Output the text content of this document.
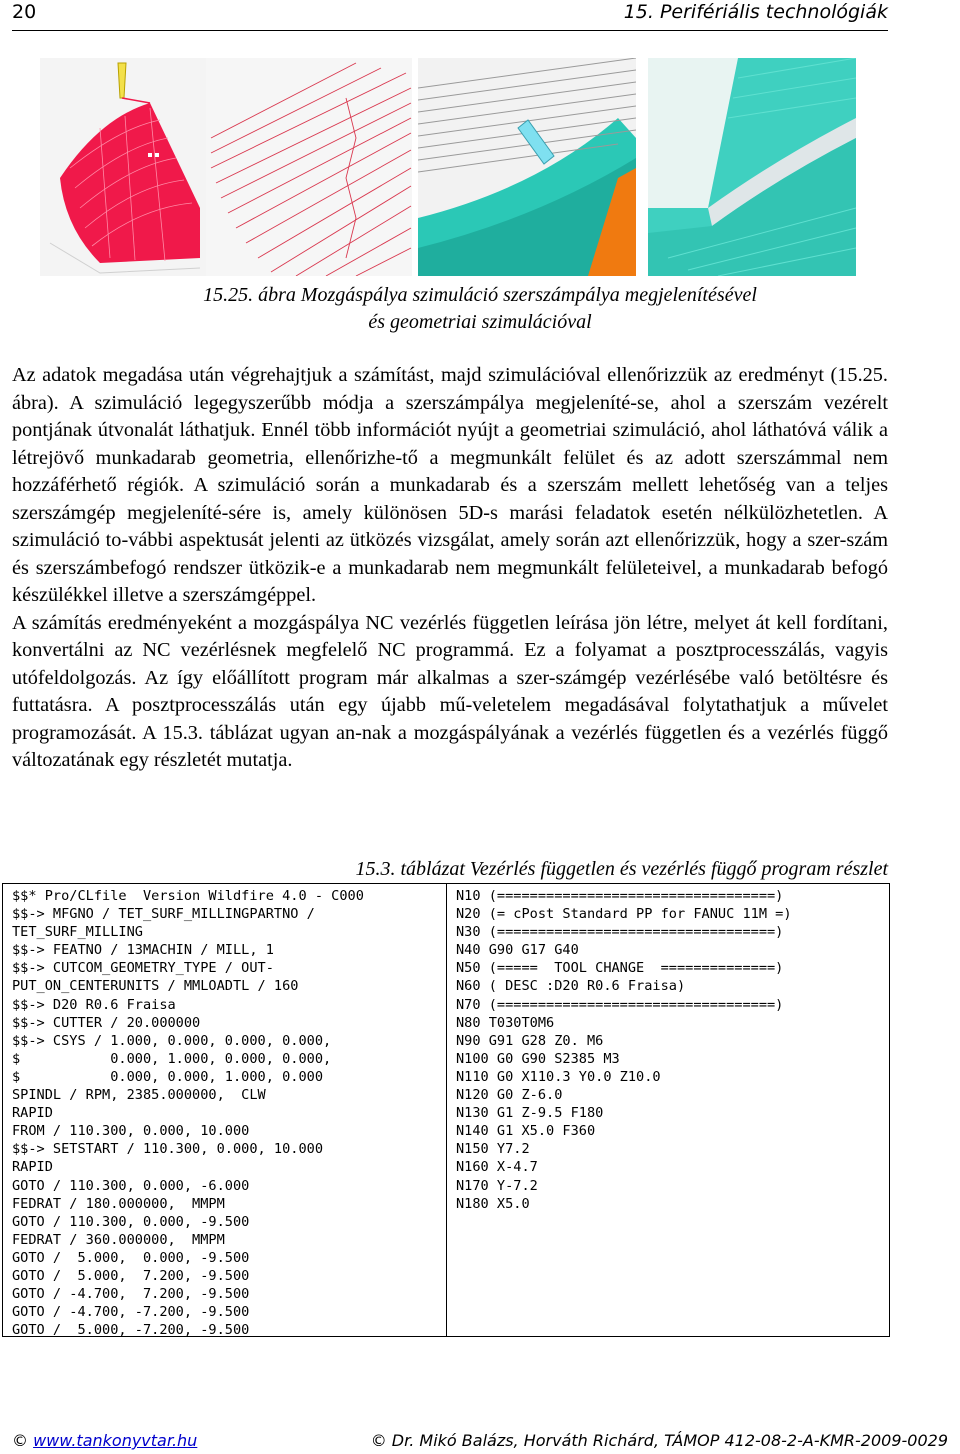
20	15. Perifériális technológiák
15.25. ábra Mozgáspálya szimuláció szerszámpálya megjelenítésével
és geometriai szimulációval

Az adatok megadása után végrehajtjuk a számítást, majd szimulációval ellenőrizzük az eredményt (15.25. ábra). A szimuláció legegyszerűbb módja a szerszámpálya megjeleníté-se, ahol a szerszám vezérelt pontjának útvonalát láthatjuk. Ennél több információt nyújt a geometriai szimuláció, ahol láthatóvá válik a létrejövő munkadarab geometria, ellenőrizhe-tő a megmunkált felület és az adott szerszámmal nem hozzáférhető régiók. A szimuláció során a munkadarab és a szerszám mellett lehetőség van a teljes szerszámgép megjeleníté-sére is, amely különösen 5D-s marási feladatok esetén nélkülözhetetlen. A szimuláció to-vábbi aspektusát jelenti az ütközés vizsgálat, amely során azt ellenőrizzük, hogy a szer-szám és szerszámbefogó rendszer ütközik-e a munkadarab nem megmunkált felületeivel, a munkadarab befogó készülékkel illetve a szerszámgéppel.

A számítás eredményeként a mozgáspálya NC vezérlés független leírása jön létre, melyet át kell fordítani, konvertálni az NC vezérlésnek megfelelő NC programmá. Ez a folyamat a posztprocesszálás, vagyis utófeldolgozás. Az így előállított program már alkalmas a szer-számgép vezérlésébe való betöltésre és futtatásra. A posztprocesszálás után egy újabb mű-veletelem megadásával folytathatjuk a művelet programozását. A 15.3. táblázat ugyan an-nak a mozgáspályának a vezérlés független és a vezérlés függő változatának egy részletét mutatja.

15.3. táblázat Vezérlés független és vezérlés függő program részlet
$$* Pro/CLfile  Version Wildfire 4.0 - C000
$$-> MFGNO / TET_SURF_MILLINGPARTNO /
TET_SURF_MILLING
$$-> FEATNO / 13MACHIN / MILL, 1
$$-> CUTCOM_GEOMETRY_TYPE / OUT-
PUT_ON_CENTERUNITS / MMLOADTL / 160
$$-> D20 R0.6 Fraisa
$$-> CUTTER / 20.000000
$$-> CSYS / 1.000, 0.000, 0.000, 0.000,
$           0.000, 1.000, 0.000, 0.000,
$           0.000, 0.000, 1.000, 0.000
SPINDL / RPM, 2385.000000,  CLW
RAPID
FROM / 110.300, 0.000, 10.000
$$-> SETSTART / 110.300, 0.000, 10.000
RAPID
GOTO / 110.300, 0.000, -6.000
FEDRAT / 180.000000,  MMPM
GOTO / 110.300, 0.000, -9.500
FEDRAT / 360.000000,  MMPM
GOTO /  5.000,  0.000, -9.500
GOTO /  5.000,  7.200, -9.500
GOTO / -4.700,  7.200, -9.500
GOTO / -4.700, -7.200, -9.500
GOTO /  5.000, -7.200, -9.500
N10 (==================================)
N20 (= cPost Standard PP for FANUC 11M =)
N30 (==================================)
N40 G90 G17 G40
N50 (=====  TOOL CHANGE  ==============)
N60 ( DESC :D20 R0.6 Fraisa)
N70 (==================================)
N80 T030T0M6
N90 G91 G28 Z0. M6
N100 G0 G90 S2385 M3
N110 G0 X110.3 Y0.0 Z10.0
N120 G0 Z-6.0
N130 G1 Z-9.5 F180
N140 G1 X5.0 F360
N150 Y7.2
N160 X-4.7
N170 Y-7.2
N180 X5.0
© www.tankonyvtar.hu	© Dr. Mikó Balázs, Horváth Richárd, TÁMOP 412-08-2-A-KMR-2009-0029
